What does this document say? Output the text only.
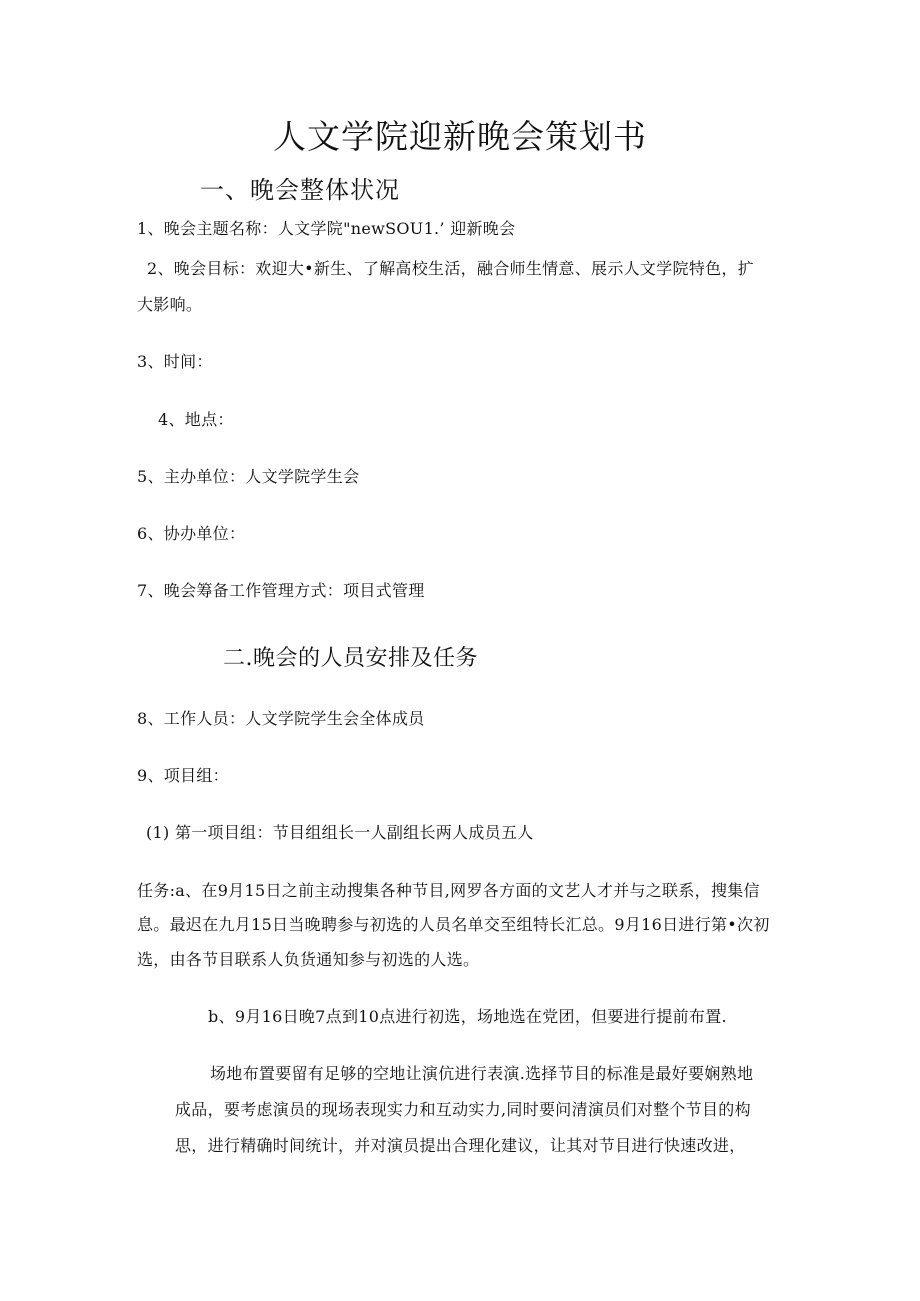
人文学院迎新晚会策划书
一、晚会整体状况
1、晚会主题名称：人文学院"newSOU1.’ 迎新晚会
2、晚会目标：欢迎大•新生、了解高校生活，融合师生情意、展示人文学院特色，扩
大影响。
3、时间：
4、地点：
5、主办单位：人文学院学生会
6、协办单位：
7、晚会筹备工作管理方式：项目式管理
二.晚会的人员安排及任务
8、工作人员：人文学院学生会全体成员
9、项目组：
(1) 第一项目组：节目组组长一人副组长两人成员五人
任务:a、在9月15日之前主动搜集各种节目,网罗各方面的文艺人才并与之联系，搜集信
息。最迟在九月15日当晚聘参与初选的人员名单交至组特长汇总。9月16日进行第•次初
选，由各节目联系人负货通知参与初选的人选。
b、9月16日晚7点到10点进行初选，场地选在党团，但要进行提前布置.
场地布置要留有足够的空地让演伉进行表演.选择节目的标准是最好要娴熟地
成品，要考虑演员的现场表现实力和互动实力,同时要问清演员们对整个节目的构
思，进行精确时间统计，并对演员提出合理化建议，让其对节目进行快速改进，
